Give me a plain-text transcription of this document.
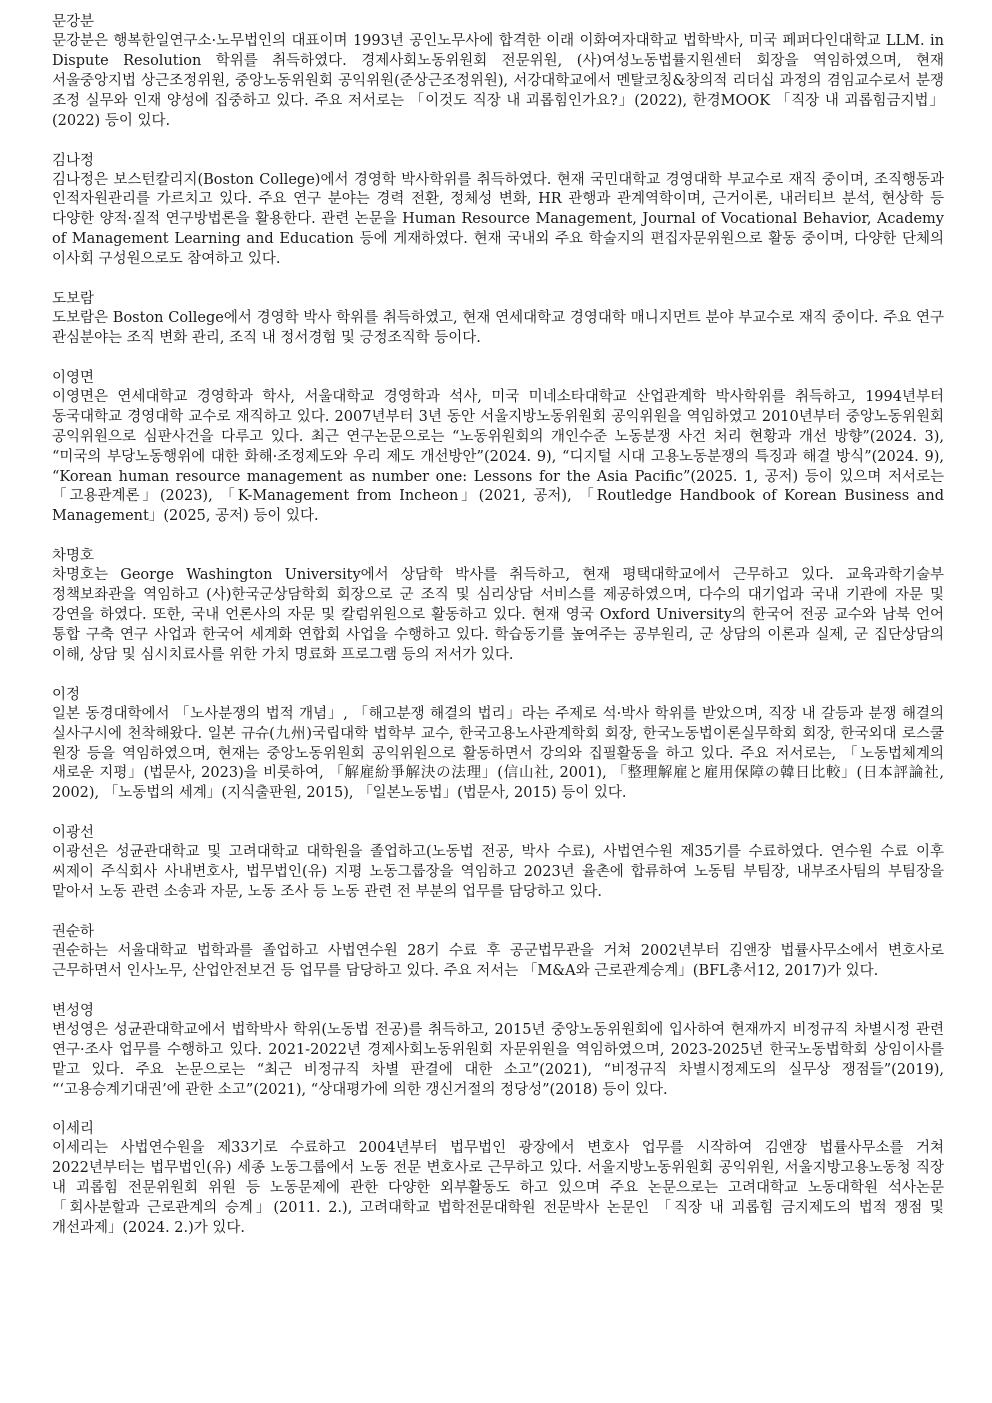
문강분

문강분은 행복한일연구소·노무법인의 대표이며 1993년 공인노무사에 합격한 이래 이화여자대학교 법학박사, 미국 페퍼다인대학교 LLM. in Dispute Resolution 학위를 취득하였다. 경제사회노동위원회 전문위원, (사)여성노동법률지원센터 회장을 역임하였으며, 현재 서울중앙지법 상근조정위원, 중앙노동위원회 공익위원(준상근조정위원), 서강대학교에서 멘탈코칭&창의적 리더십 과정의 겸임교수로서 분쟁 조정 실무와 인재 양성에 집중하고 있다. 주요 저서로는 「이것도 직장 내 괴롭힘인가요?」(2022), 한경MOOK 「직장 내 괴롭힘금지법」(2022) 등이 있다.

김나정

김나정은 보스턴칼리지(Boston College)에서 경영학 박사학위를 취득하였다. 현재 국민대학교 경영대학 부교수로 재직 중이며, 조직행동과 인적자원관리를 가르치고 있다. 주요 연구 분야는 경력 전환, 정체성 변화, HR 관행과 관계역학이며, 근거이론, 내러티브 분석, 현상학 등 다양한 양적·질적 연구방법론을 활용한다. 관련 논문을 Human Resource Management, Journal of Vocational Behavior, Academy of Management Learning and Education 등에 게재하였다. 현재 국내외 주요 학술지의 편집자문위원으로 활동 중이며, 다양한 단체의 이사회 구성원으로도 참여하고 있다.

도보람

도보람은 Boston College에서 경영학 박사 학위를 취득하였고, 현재 연세대학교 경영대학 매니지먼트 분야 부교수로 재직 중이다. 주요 연구 관심분야는 조직 변화 관리, 조직 내 정서경험 및 긍정조직학 등이다.

이영면

이영면은 연세대학교 경영학과 학사, 서울대학교 경영학과 석사, 미국 미네소타대학교 산업관계학 박사학위를 취득하고, 1994년부터 동국대학교 경영대학 교수로 재직하고 있다. 2007년부터 3년 동안 서울지방노동위원회 공익위원을 역임하였고 2010년부터 중앙노동위원회 공익위원으로 심판사건을 다루고 있다. 최근 연구논문으로는 “노동위원회의 개인수준 노동분쟁 사건 처리 현황과 개선 방향”(2024. 3), “미국의 부당노동행위에 대한 화해·조정제도와 우리 제도 개선방안”(2024. 9), “디지털 시대 고용노동분쟁의 특징과 해결 방식”(2024. 9), “Korean human resource management as number one: Lessons for the Asia Pacific”(2025. 1, 공저) 등이 있으며 저서로는 「고용관계론」(2023), 「K-Management from Incheon」(2021, 공저), 「Routledge Handbook of Korean Business and Management」(2025, 공저) 등이 있다.

차명호

차명호는 George Washington University에서 상담학 박사를 취득하고, 현재 평택대학교에서 근무하고 있다. 교육과학기술부 정책보좌관을 역임하고 (사)한국군상담학회 회장으로 군 조직 및 심리상담 서비스를 제공하였으며, 다수의 대기업과 국내 기관에 자문 및 강연을 하였다. 또한, 국내 언론사의 자문 및 칼럼위원으로 활동하고 있다. 현재 영국 Oxford University의 한국어 전공 교수와 남북 언어 통합 구축 연구 사업과 한국어 세계화 연합회 사업을 수행하고 있다. 학습동기를 높여주는 공부원리, 군 상담의 이론과 실제, 군 집단상담의 이해, 상담 및 심시치료사를 위한 가치 명료화 프로그램 등의 저서가 있다.

이정

일본 동경대학에서 「노사분쟁의 법적 개념」, 「해고분쟁 해결의 법리」라는 주제로 석·박사 학위를 받았으며, 직장 내 갈등과 분쟁 해결의 실사구시에 천착해왔다. 일본 규슈(九州)국립대학 법학부 교수, 한국고용노사관계학회 회장, 한국노동법이론실무학회 회장, 한국외대 로스쿨 원장 등을 역임하였으며, 현재는 중앙노동위원회 공익위원으로 활동하면서 강의와 집필활동을 하고 있다. 주요 저서로는, 「노동법체계의 새로운 지평」(법문사, 2023)을 비롯하여, 「解雇紛爭解決の法理」(信山社, 2001), 「整理解雇と雇用保障の韓日比較」(日本評論社, 2002), 「노동법의 세계」(지식출판원, 2015), 「일본노동법」(법문사, 2015) 등이 있다.

이광선

이광선은 성균관대학교 및 고려대학교 대학원을 졸업하고(노동법 전공, 박사 수료), 사법연수원 제35기를 수료하였다. 연수원 수료 이후 씨제이 주식회사 사내변호사, 법무법인(유) 지평 노동그룹장을 역임하고 2023년 율촌에 합류하여 노동팀 부팀장, 내부조사팀의 부팀장을 맡아서 노동 관련 소송과 자문, 노동 조사 등 노동 관련 전 부분의 업무를 담당하고 있다.

권순하

권순하는 서울대학교 법학과를 졸업하고 사법연수원 28기 수료 후 공군법무관을 거쳐 2002년부터 김앤장 법률사무소에서 변호사로 근무하면서 인사노무, 산업안전보건 등 업무를 담당하고 있다. 주요 저서는 「M&A와 근로관계승계」(BFL총서12, 2017)가 있다.

변성영

변성영은 성균관대학교에서 법학박사 학위(노동법 전공)를 취득하고, 2015년 중앙노동위원회에 입사하여 현재까지 비정규직 차별시정 관련 연구·조사 업무를 수행하고 있다. 2021-2022년 경제사회노동위원회 자문위원을 역임하였으며, 2023-2025년 한국노동법학회 상임이사를 맡고 있다. 주요 논문으로는 “최근 비정규직 차별 판결에 대한 소고”(2021), “비정규직 차별시정제도의 실무상 쟁점들”(2019), “‘고용승계기대권’에 관한 소고”(2021), “상대평가에 의한 갱신거절의 정당성”(2018) 등이 있다.

이세리

이세리는 사법연수원을 제33기로 수료하고 2004년부터 법무법인 광장에서 변호사 업무를 시작하여 김앤장 법률사무소를 거쳐 2022년부터는 법무법인(유) 세종 노동그룹에서 노동 전문 변호사로 근무하고 있다. 서울지방노동위원회 공익위원, 서울지방고용노동청 직장 내 괴롭힘 전문위원회 위원 등 노동문제에 관한 다양한 외부활동도 하고 있으며 주요 논문으로는 고려대학교 노동대학원 석사논문 「회사분할과 근로관계의 승계」(2011. 2.), 고려대학교 법학전문대학원 전문박사 논문인 「직장 내 괴롭힘 금지제도의 법적 쟁점 및 개선과제」(2024. 2.)가 있다.
